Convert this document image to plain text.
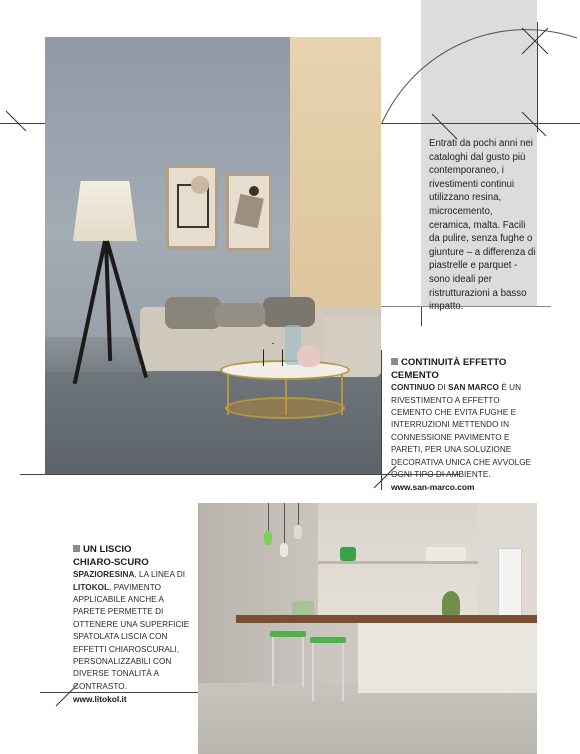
Entrati da pochi anni nei cataloghi dal gusto più contemporaneo, i rivestimenti continui utilizzano resina, microcemento, ceramica, malta. Facili da pulire, senza fughe o giunture – a differenza di piastrelle e parquet - sono ideali per ristrutturazioni a basso impatto.
CONTINUITÀ EFFETTO CEMENTO
CONTINUO DI SAN MARCO È UN RIVESTIMENTO A EFFETTO CEMENTO CHE EVITA FUGHE E INTERRUZIONI METTENDO IN CONNESSIONE PAVIMENTO E PARETI, PER UNA SOLUZIONE DECORATIVA UNICA CHE AVVOLGE OGNI TIPO DI AMBIENTE.
www.san-marco.com
UN LISCIO
CHIARO-SCURO
SPAZIORESINA, LA LINEA DI LITOKOL, PAVIMENTO APPLICABILE ANCHE A PARETE PERMETTE DI OTTENERE UNA SUPERFICIE SPATOLATA LISCIA CON EFFETTI CHIAROSCURALI, PERSONALIZZABILI CON DIVERSE TONALITÀ A CONTRASTO.
www.litokol.it
